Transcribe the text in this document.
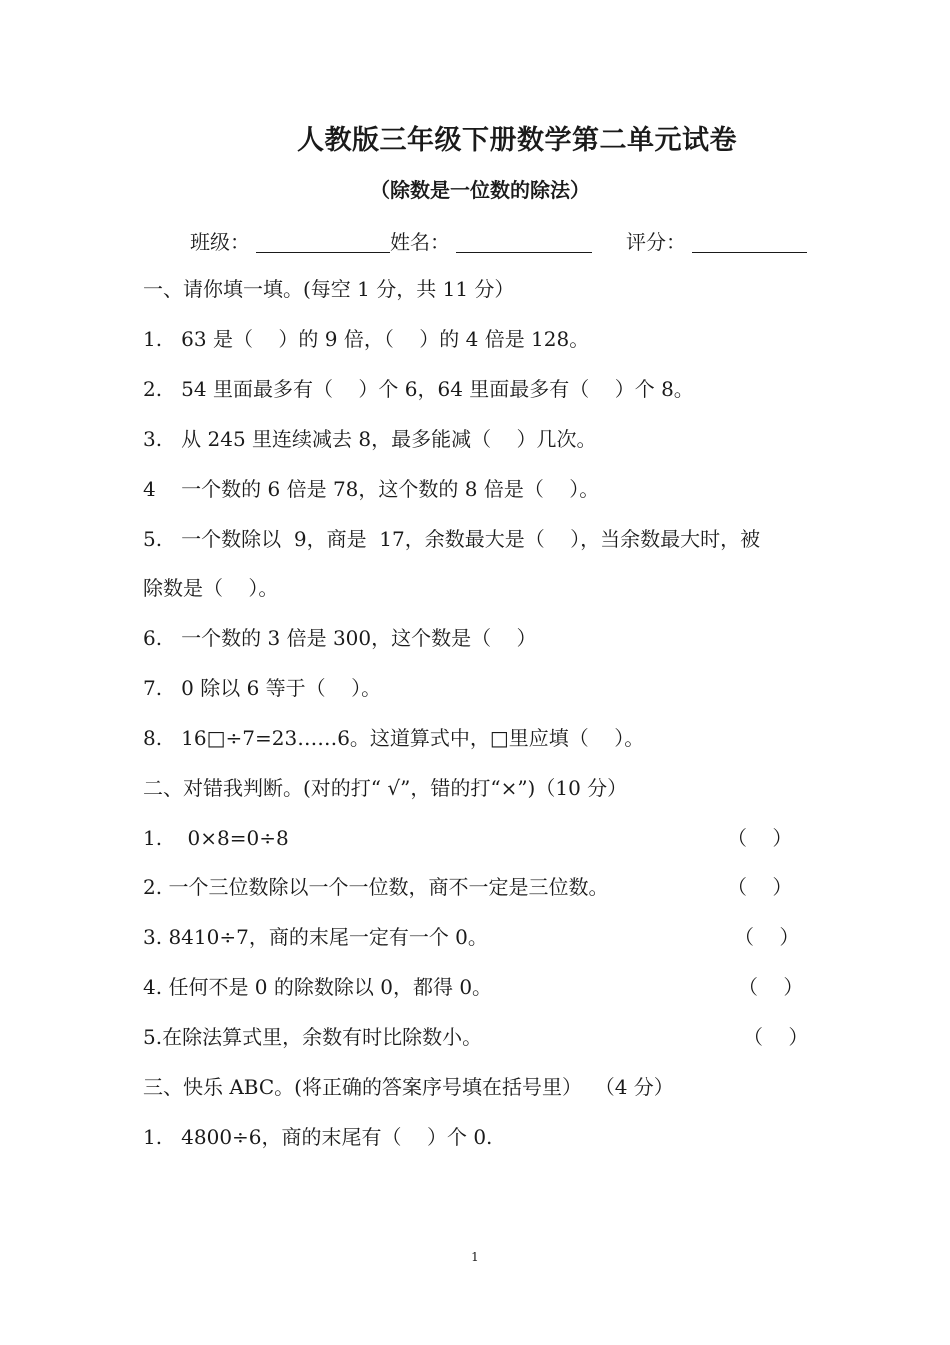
人教版三年级下册数学第二单元试卷
（除数是一位数的除法）
班级：	姓名：	评分：
一、请你填一填。(每空 1 分，共 11 分）
1.   63 是（    ）的 9 倍，（    ）的 4 倍是 128。
2.   54 里面最多有（    ）个 6，64 里面最多有（    ）个 8。
3.   从 245 里连续减去 8，最多能减（    ）几次。
4    一个数的 6 倍是 78，这个数的 8 倍是（    ）。
5.   一个数除以  9，商是  17，余数最大是（    ），当余数最大时，被
除数是（    ）。
6.   一个数的 3 倍是 300，这个数是（    ）
7.   0 除以 6 等于（    ）。
8.   16□÷7=23……6。这道算式中，□里应填（    ）。
二、对错我判断。(对的打“ √”，错的打“×”)（10 分）
1.    0×8=0÷8	（    ）
2. 一个三位数除以一个一位数，商不一定是三位数。	（    ）
3. 8410÷7，商的末尾一定有一个 0。	（    ）
4. 任何不是 0 的除数除以 0，都得 0。	（    ）
5.在除法算式里，余数有时比除数小。	（    ）
三、快乐 ABC。(将正确的答案序号填在括号里）  （4 分）
1.   4800÷6，商的末尾有（    ）个 0.
1
